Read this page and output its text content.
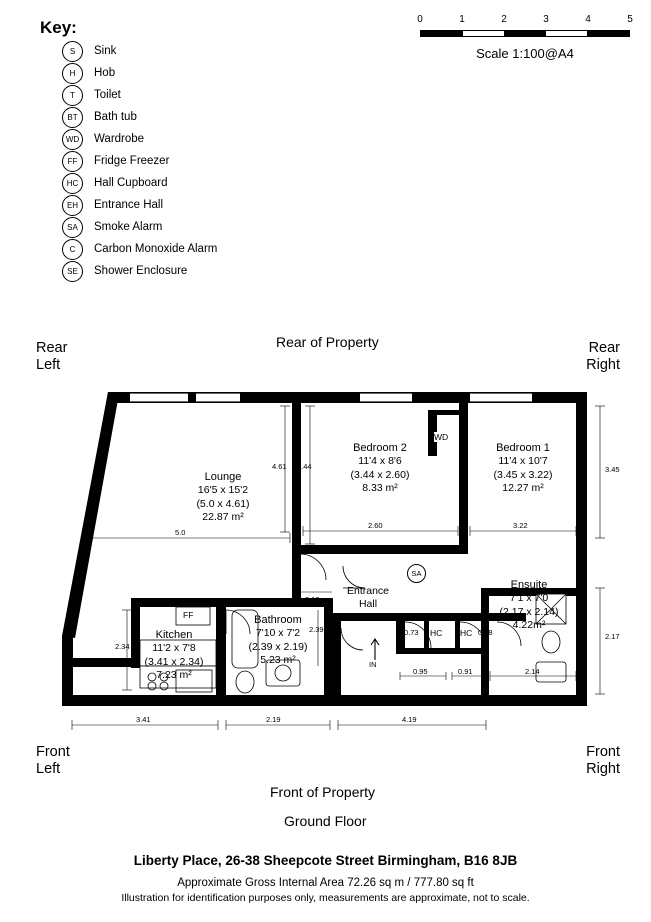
Key:
S	Sink
H	Hob
T	Toilet
BT	Bath tub
WD	Wardrobe
FF	Fridge Freezer
HC	Hall Cupboard
EH	Entrance Hall
SA	Smoke Alarm
C	Carbon Monoxide Alarm
SE	Shower Enclosure
0	1	2	3	4	5
Scale 1:100@A4
Rear
Left
Rear
Right
Front
Left
Front
Right
Rear of Property
Front of Property
Ground Floor
Lounge
16'5 x 15'2
(5.0 x 4.61)
22.87 m²
Bedroom 2
11'4 x 8'6
(3.44 x 2.60)
8.33 m²
Bedroom 1
11'4 x 10'7
(3.45 x 3.22)
12.27 m²
Ensuite
7'1 x 7'0
(2.17 x 2.14)
4.22m²
Bathroom
7'10 x 7'2
(2.39 x 2.19)
5.23 m²
Kitchen
11'2 x 7'8
(3.41 x 2.34)
7.23 m²
Entrance
Hall
WD
FF
HC HC
IN
SA
5.0
4.61 3.44
2.60	3.22
3.45
2.17
2.14
2.18
2.39
2.34
3.41	2.19	4.19
0.95	0.91
0.73	0.78
Liberty Place, 26-38 Sheepcote Street Birmingham, B16 8JB
Approximate Gross Internal Area 72.26 sq m / 777.80 sq ft
Illustration for identification purposes only, measurements are approximate, not to scale.
